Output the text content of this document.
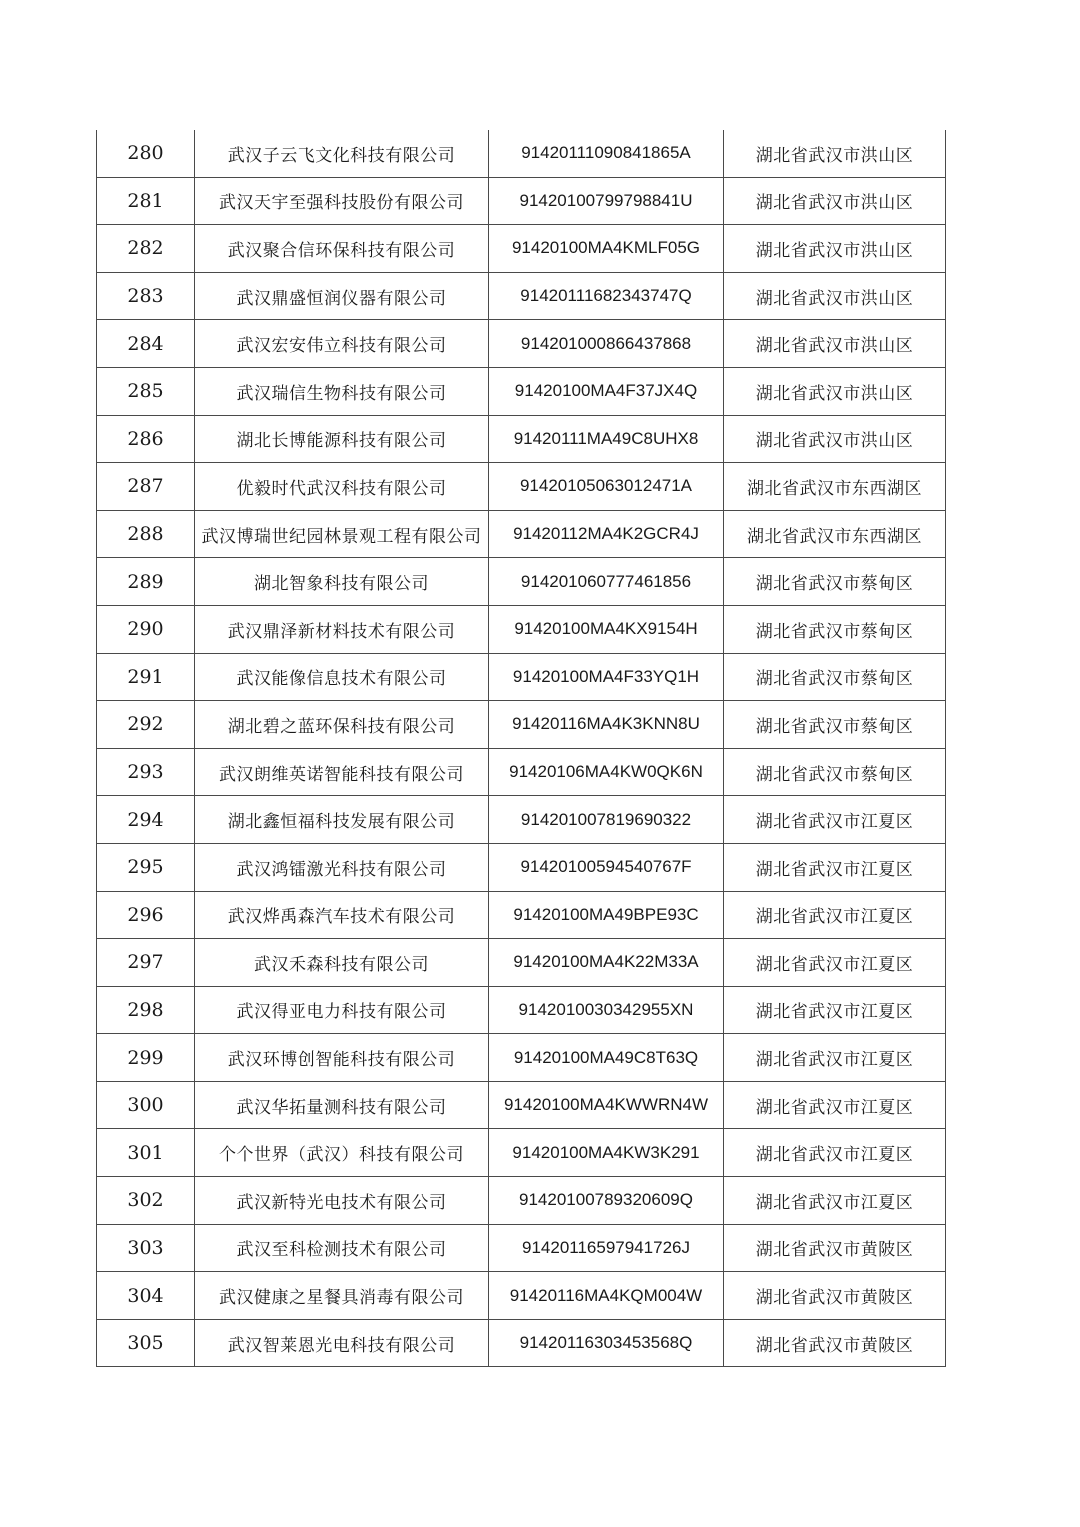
280	武汉子云飞文化科技有限公司	91420111090841865A	湖北省武汉市洪山区
281	武汉天宇至强科技股份有限公司	91420100799798841U	湖北省武汉市洪山区
282	武汉聚合信环保科技有限公司	91420100MA4KMLF05G	湖北省武汉市洪山区
283	武汉鼎盛恒润仪器有限公司	91420111682343747Q	湖北省武汉市洪山区
284	武汉宏安伟立科技有限公司	914201000866437868	湖北省武汉市洪山区
285	武汉瑞信生物科技有限公司	91420100MA4F37JX4Q	湖北省武汉市洪山区
286	湖北长博能源科技有限公司	91420111MA49C8UHX8	湖北省武汉市洪山区
287	优毅时代武汉科技有限公司	91420105063012471A	湖北省武汉市东西湖区
288	武汉博瑞世纪园林景观工程有限公司	91420112MA4K2GCR4J	湖北省武汉市东西湖区
289	湖北智象科技有限公司	914201060777461856	湖北省武汉市蔡甸区
290	武汉鼎泽新材料技术有限公司	91420100MA4KX9154H	湖北省武汉市蔡甸区
291	武汉能像信息技术有限公司	91420100MA4F33YQ1H	湖北省武汉市蔡甸区
292	湖北碧之蓝环保科技有限公司	91420116MA4K3KNN8U	湖北省武汉市蔡甸区
293	武汉朗维英诺智能科技有限公司	91420106MA4KW0QK6N	湖北省武汉市蔡甸区
294	湖北鑫恒福科技发展有限公司	914201007819690322	湖北省武汉市江夏区
295	武汉鸿镭激光科技有限公司	91420100594540767F	湖北省武汉市江夏区
296	武汉烨禹森汽车技术有限公司	91420100MA49BPE93C	湖北省武汉市江夏区
297	武汉禾森科技有限公司	91420100MA4K22M33A	湖北省武汉市江夏区
298	武汉得亚电力科技有限公司	9142010030342955XN	湖北省武汉市江夏区
299	武汉环博创智能科技有限公司	91420100MA49C8T63Q	湖北省武汉市江夏区
300	武汉华拓量测科技有限公司	91420100MA4KWWRN4W	湖北省武汉市江夏区
301	个个世界（武汉）科技有限公司	91420100MA4KW3K291	湖北省武汉市江夏区
302	武汉新特光电技术有限公司	91420100789320609Q	湖北省武汉市江夏区
303	武汉至科检测技术有限公司	91420116597941726J	湖北省武汉市黄陂区
304	武汉健康之星餐具消毒有限公司	91420116MA4KQM004W	湖北省武汉市黄陂区
305	武汉智莱恩光电科技有限公司	91420116303453568Q	湖北省武汉市黄陂区
